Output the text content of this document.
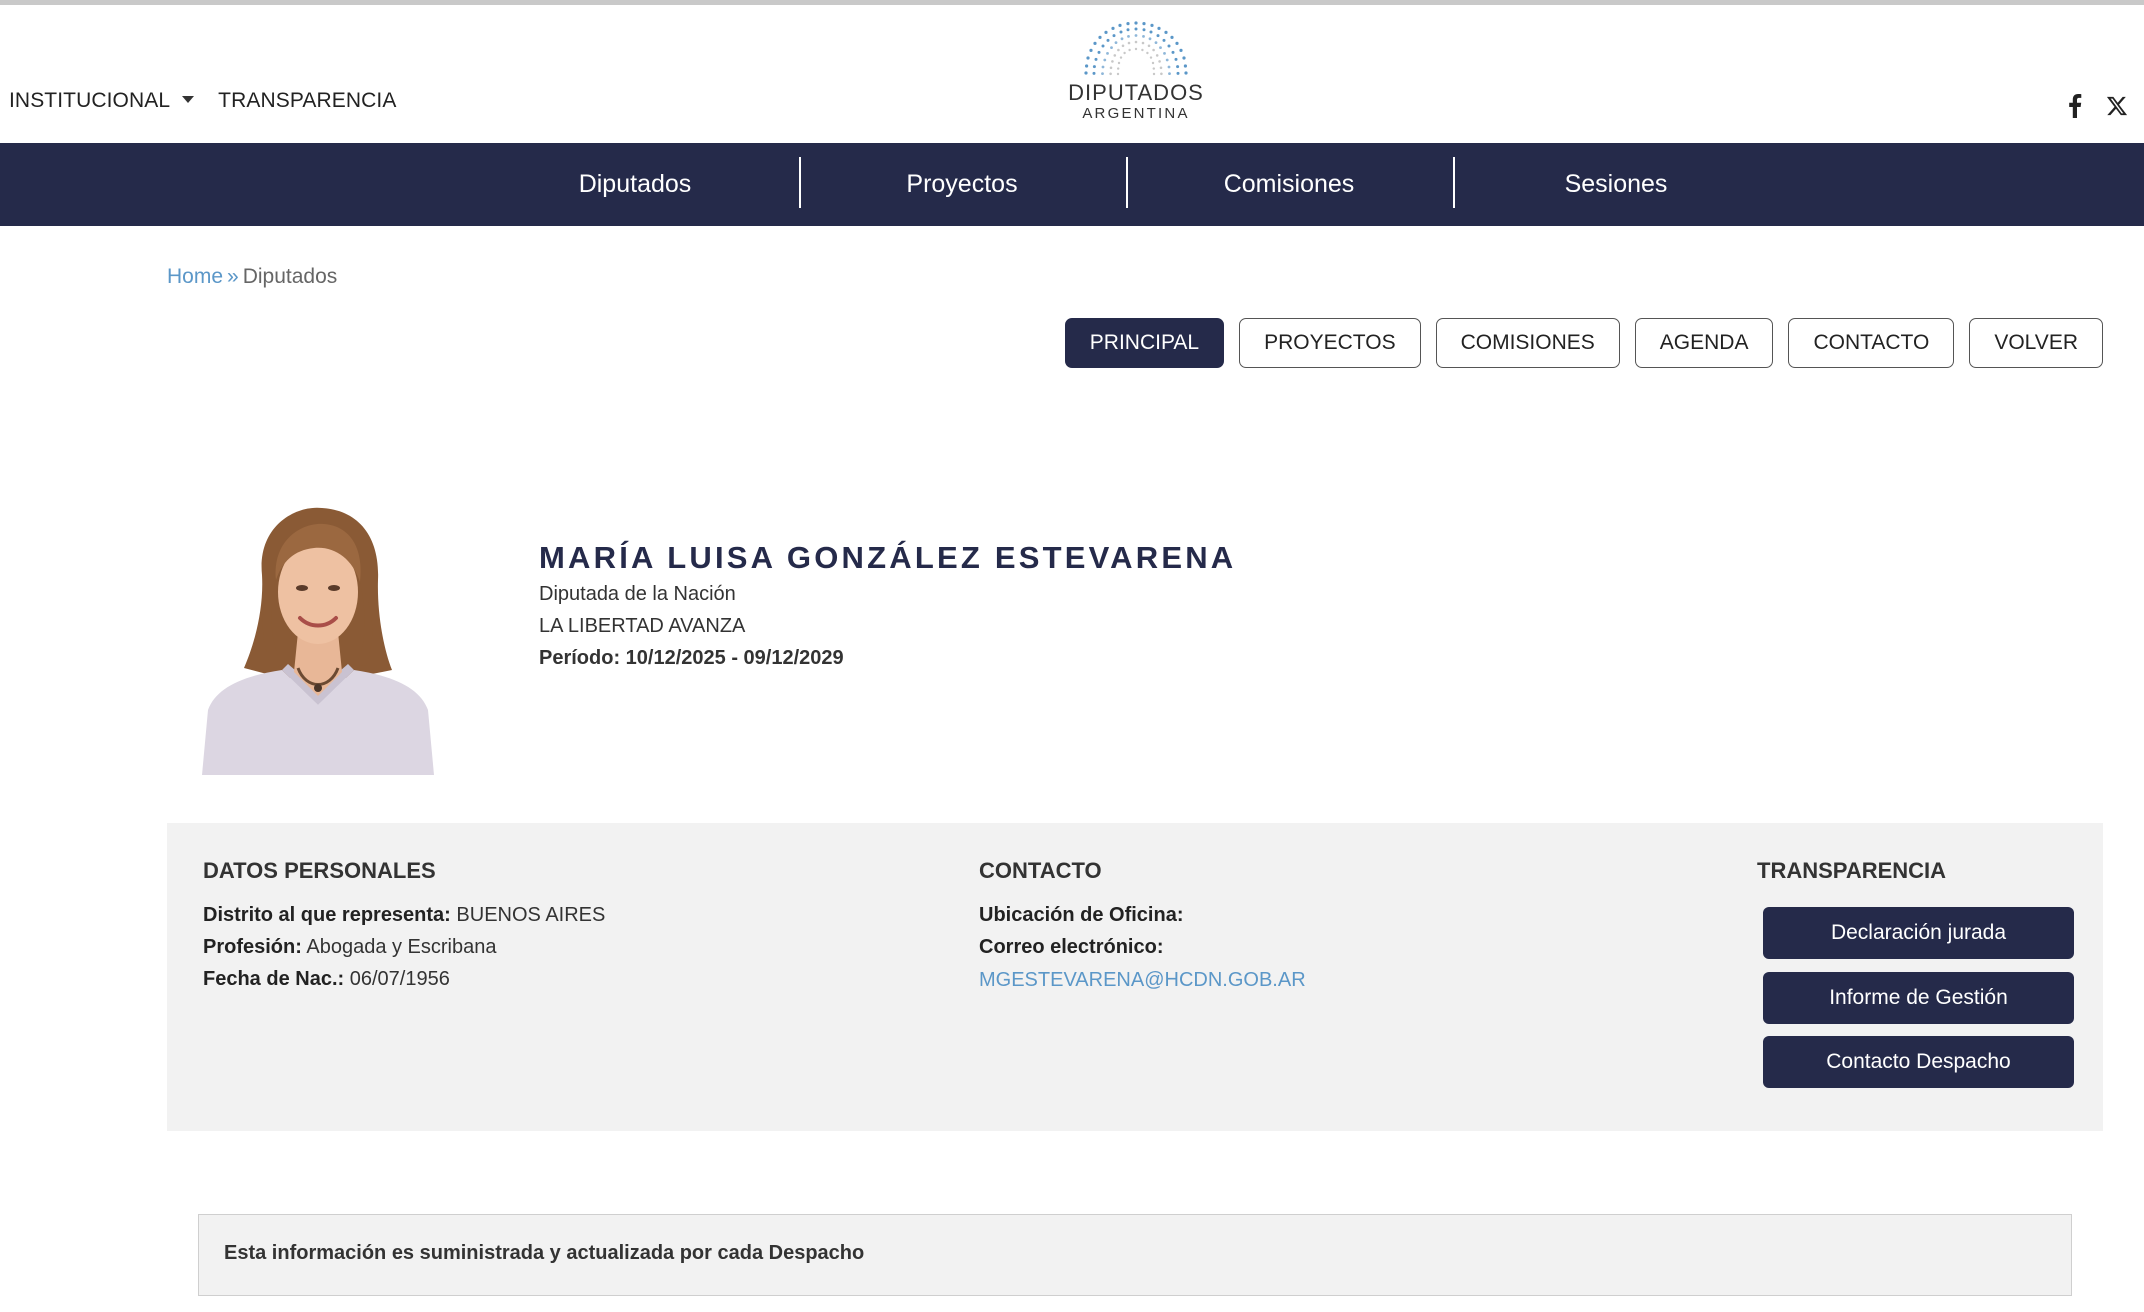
INSTITUCIONAL	TRANSPARENCIA	DIPUTADOS
ARGENTINA
Diputados	Proyectos	Comisiones	Sesiones
Home » Diputados
PRINCIPAL	PROYECTOS	COMISIONES	AGENDA	CONTACTO	VOLVER
MARÍA LUISA GONZÁLEZ ESTEVARENA
Diputada de la Nación
LA LIBERTAD AVANZA
Período: 10/12/2025 - 09/12/2029
DATOS PERSONALES
Distrito al que representa: BUENOS AIRES
Profesión: Abogada y Escribana
Fecha de Nac.: 06/07/1956
CONTACTO
Ubicación de Oficina:
Correo electrónico:
MGESTEVARENA@HCDN.GOB.AR
TRANSPARENCIA
Declaración jurada
Informe de Gestión
Contacto Despacho
Esta información es suministrada y actualizada por cada Despacho
